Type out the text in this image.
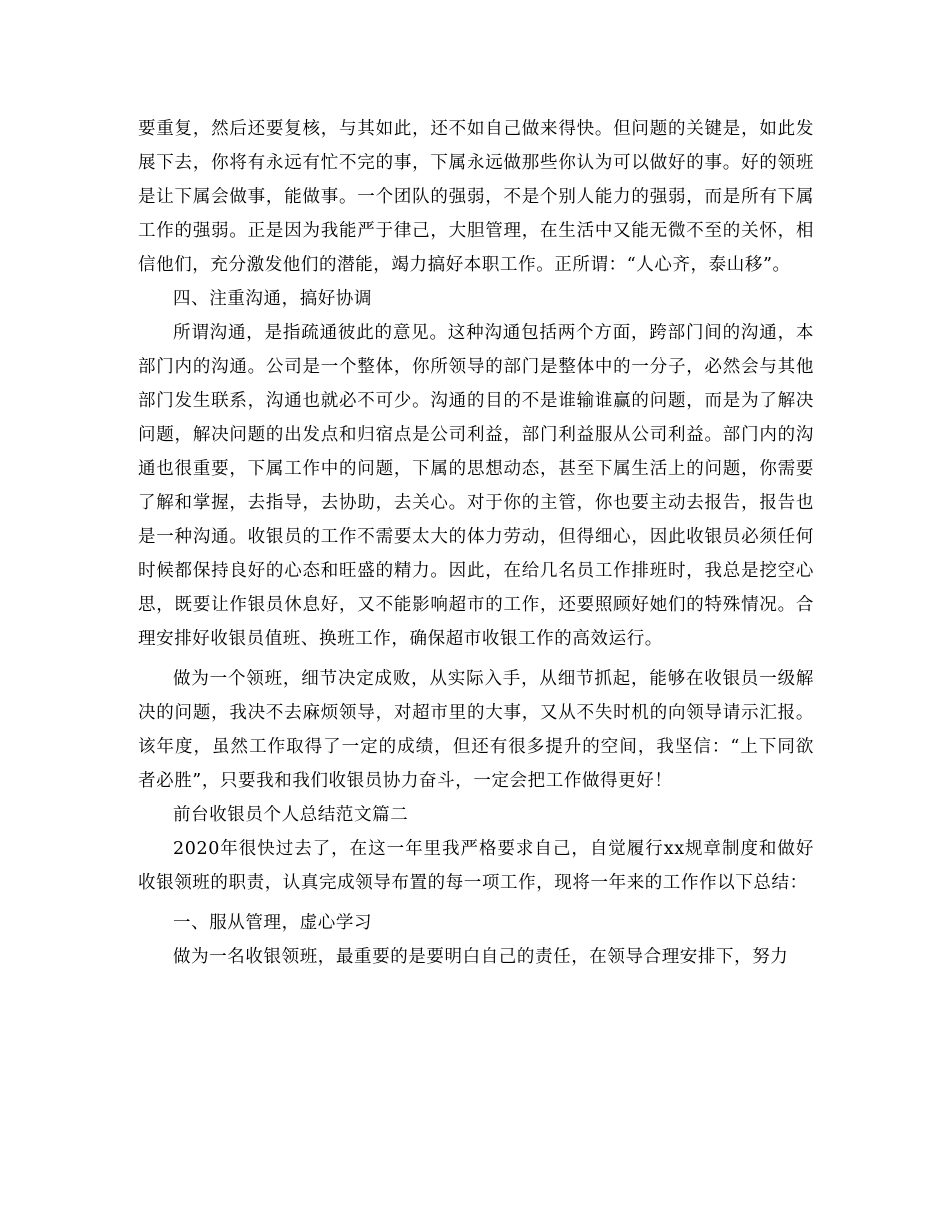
要重复，然后还要复核，与其如此，还不如自己做来得快。但问题的关键是，如此发展下去，你将有永远有忙不完的事，下属永远做那些你认为可以做好的事。好的领班是让下属会做事，能做事。一个团队的强弱，不是个别人能力的强弱，而是所有下属工作的强弱。正是因为我能严于律己，大胆管理，在生活中又能无微不至的关怀，相信他们，充分激发他们的潜能，竭力搞好本职工作。正所谓：“人心齐，泰山移”。

四、注重沟通，搞好协调

所谓沟通，是指疏通彼此的意见。这种沟通包括两个方面，跨部门间的沟通，本部门内的沟通。公司是一个整体，你所领导的部门是整体中的一分子，必然会与其他部门发生联系，沟通也就必不可少。沟通的目的不是谁输谁赢的问题，而是为了解决问题，解决问题的出发点和归宿点是公司利益，部门利益服从公司利益。部门内的沟通也很重要，下属工作中的问题，下属的思想动态，甚至下属生活上的问题，你需要了解和掌握，去指导，去协助，去关心。对于你的主管，你也要主动去报告，报告也是一种沟通。收银员的工作不需要太大的体力劳动，但得细心，因此收银员必须任何时候都保持良好的心态和旺盛的精力。因此，在给几名员工作排班时，我总是挖空心思，既要让作银员休息好，又不能影响超市的工作，还要照顾好她们的特殊情况。合理安排好收银员值班、换班工作，确保超市收银工作的高效运行。

做为一个领班，细节决定成败，从实际入手，从细节抓起，能够在收银员一级解决的问题，我决不去麻烦领导，对超市里的大事，又从不失时机的向领导请示汇报。该年度，虽然工作取得了一定的成绩，但还有很多提升的空间，我坚信：“上下同欲者必胜”，只要我和我们收银员协力奋斗，一定会把工作做得更好！

前台收银员个人总结范文篇二

2020年很快过去了，在这一年里我严格要求自己，自觉履行xx规章制度和做好收银领班的职责，认真完成领导布置的每一项工作，现将一年来的工作作以下总结：

一、服从管理，虚心学习

做为一名收银领班，最重要的是要明白自己的责任，在领导合理安排下，努力
